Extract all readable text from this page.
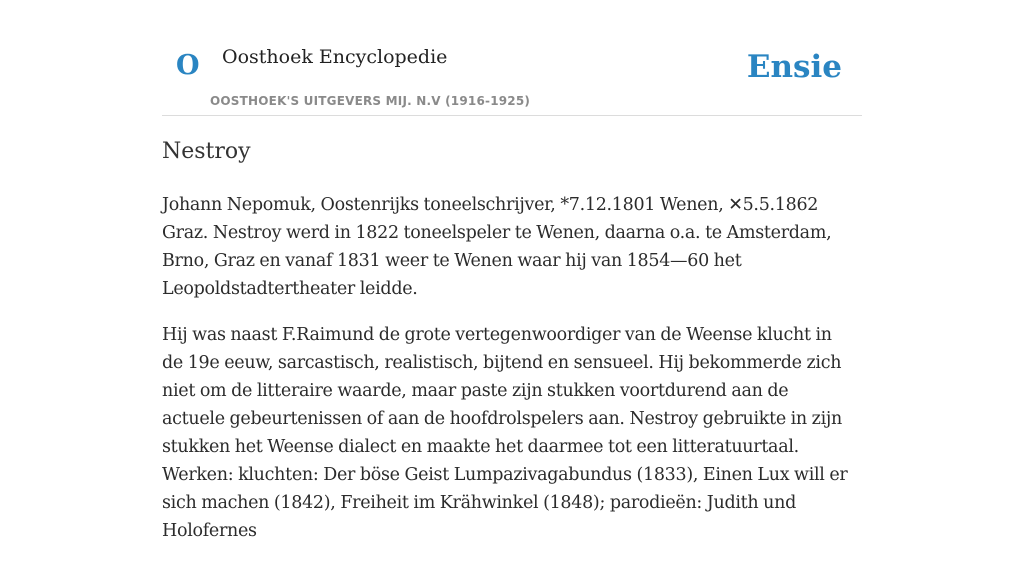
O Oosthoek Encyclopedie
OOSTHOEK'S UITGEVERS MIJ. N.V (1916-1925)
Ensie
Nestroy

Johann Nepomuk, Oostenrijks toneelschrijver, *7.12.1801 Wenen, ✕5.5.1862 Graz. Nestroy werd in 1822 toneelspeler te Wenen, daarna o.a. te Amsterdam, Brno, Graz en vanaf 1831 weer te Wenen waar hij van 1854—60 het Leopoldstadtertheater leidde.

Hij was naast F.Raimund de grote vertegenwoordiger van de Weense klucht in de 19e eeuw, sarcastisch, realistisch, bijtend en sensueel. Hij bekommerde zich niet om de litteraire waarde, maar paste zijn stukken voortdurend aan de actuele gebeurtenissen of aan de hoofdrolspelers aan. Nestroy gebruikte in zijn stukken het Weense dialect en maakte het daarmee tot een litteratuurtaal. Werken: kluchten: Der böse Geist Lumpazivagabundus (1833), Einen Lux will er sich machen (1842), Freiheit im Krähwinkel (1848); parodieën: Judith und Holofernes
